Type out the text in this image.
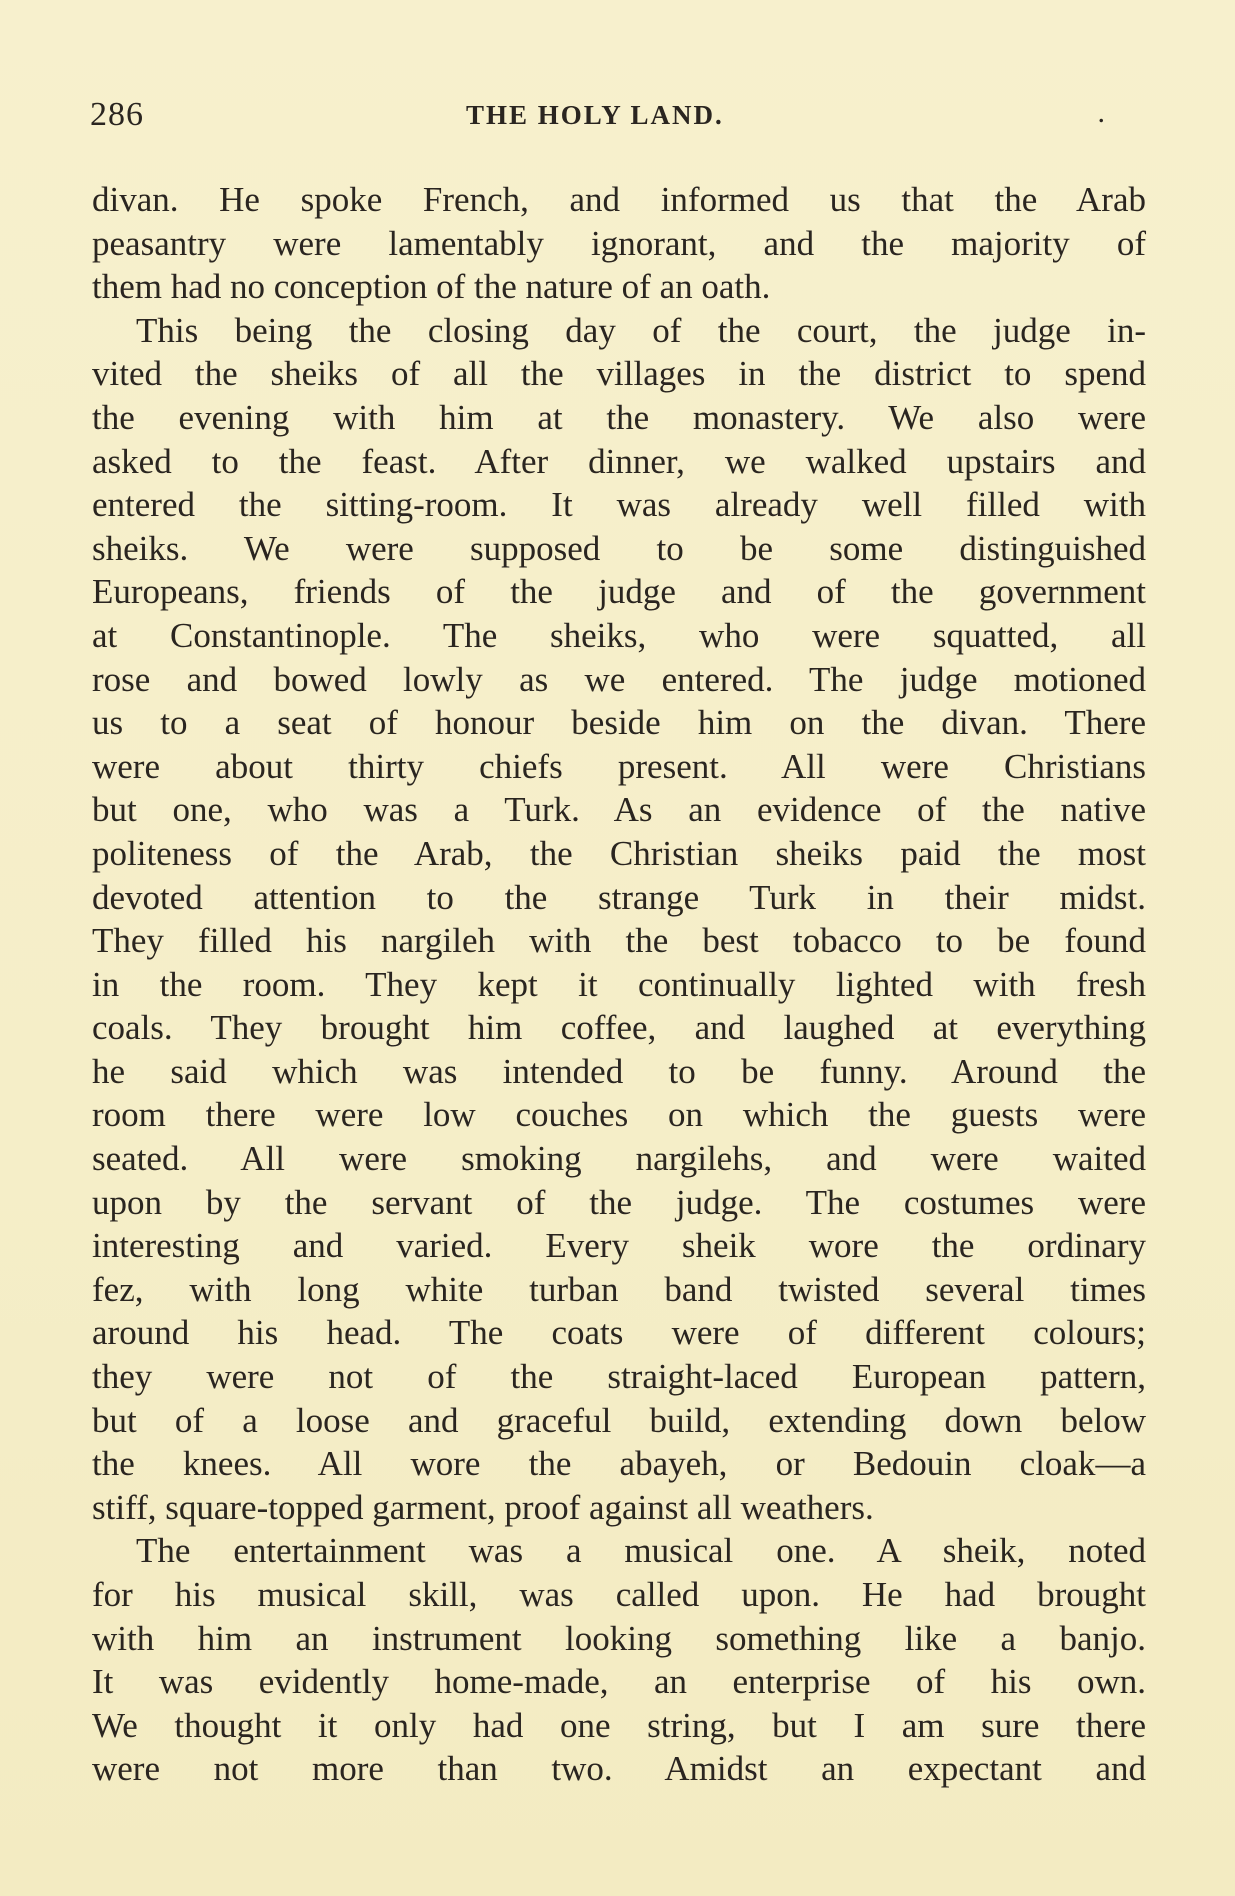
286	THE HOLY LAND.	.
divan. He spoke French, and informed us that the Arab
peasantry were lamentably ignorant, and the majority of
them had no conception of the nature of an oath.
This being the closing day of the court, the judge in-
vited the sheiks of all the villages in the district to spend
the evening with him at the monastery. We also were
asked to the feast. After dinner, we walked upstairs and
entered the sitting-room. It was already well filled with
sheiks. We were supposed to be some distinguished
Europeans, friends of the judge and of the government
at Constantinople. The sheiks, who were squatted, all
rose and bowed lowly as we entered. The judge motioned
us to a seat of honour beside him on the divan. There
were about thirty chiefs present. All were Christians
but one, who was a Turk. As an evidence of the native
politeness of the Arab, the Christian sheiks paid the most
devoted attention to the strange Turk in their midst.
They filled his nargileh with the best tobacco to be found
in the room. They kept it continually lighted with fresh
coals. They brought him coffee, and laughed at everything
he said which was intended to be funny. Around the
room there were low couches on which the guests were
seated. All were smoking nargilehs, and were waited
upon by the servant of the judge. The costumes were
interesting and varied. Every sheik wore the ordinary
fez, with long white turban band twisted several times
around his head. The coats were of different colours;
they were not of the straight-laced European pattern,
but of a loose and graceful build, extending down below
the knees. All wore the abayeh, or Bedouin cloak—a
stiff, square-topped garment, proof against all weathers.
The entertainment was a musical one. A sheik, noted
for his musical skill, was called upon. He had brought
with him an instrument looking something like a banjo.
It was evidently home-made, an enterprise of his own.
We thought it only had one string, but I am sure there
were not more than two. Amidst an expectant and
